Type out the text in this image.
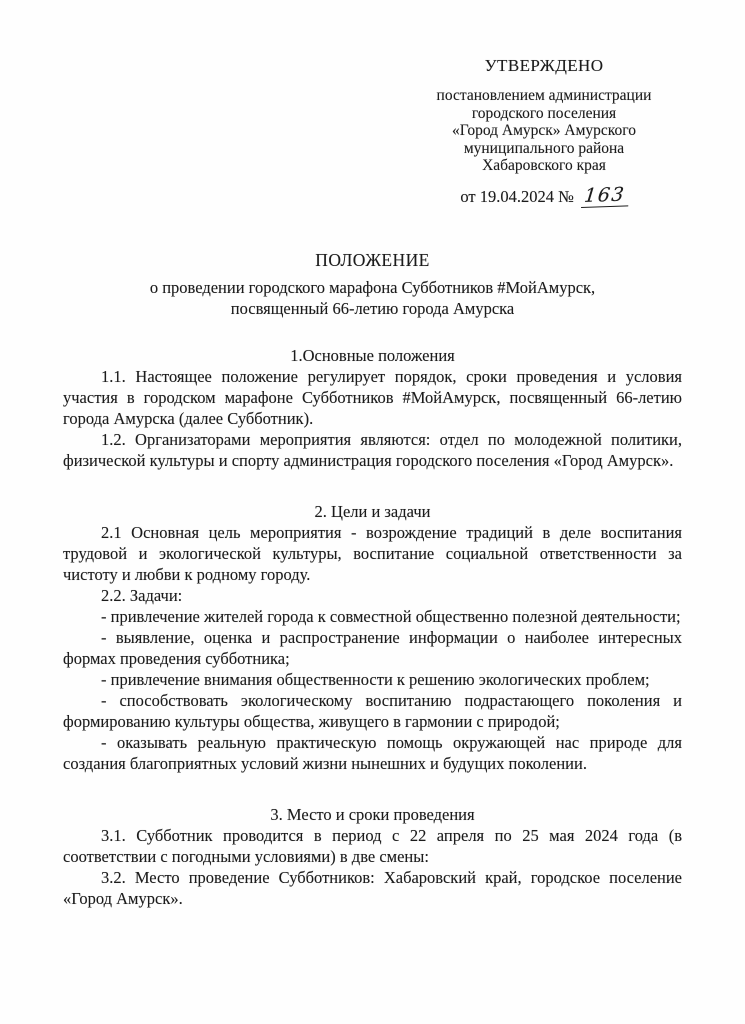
УТВЕРЖДЕНО
постановлением администрации
городского поселения
«Город Амурск» Амурского
муниципального района
Хабаровского края
от 19.04.2024 № 163
ПОЛОЖЕНИЕ
о проведении городского марафона Субботников #МойАмурск,
посвященный 66-летию города Амурска
1.Основные положения

1.1. Настоящее положение регулирует порядок, сроки проведения и условия участия в городском марафоне Субботников #МойАмурск, посвященный 66-летию города Амурска (далее Субботник).

1.2. Организаторами мероприятия являются: отдел по молодежной политики, физической культуры и спорту администрация городского поселения «Город Амурск».

2. Цели и задачи

2.1 Основная цель мероприятия - возрождение традиций в деле воспитания трудовой и экологической культуры, воспитание социальной ответственности за чистоту и любви к родному городу.

2.2. Задачи:

- привлечение жителей города к совместной общественно полезной деятельности;

- выявление, оценка и распространение информации о наиболее интересных формах проведения субботника;

- привлечение внимания общественности к решению экологических проблем;

- способствовать экологическому воспитанию подрастающего поколения и формированию культуры общества, живущего в гармонии с природой;

- оказывать реальную практическую помощь окружающей нас природе для создания благоприятных условий жизни нынешних и будущих поколении.

3. Место и сроки проведения

3.1. Субботник проводится в период с 22 апреля по 25 мая 2024 года (в соответствии с погодными условиями) в две смены:

3.2. Место проведение Субботников: Хабаровский край, городское поселение «Город Амурск».
